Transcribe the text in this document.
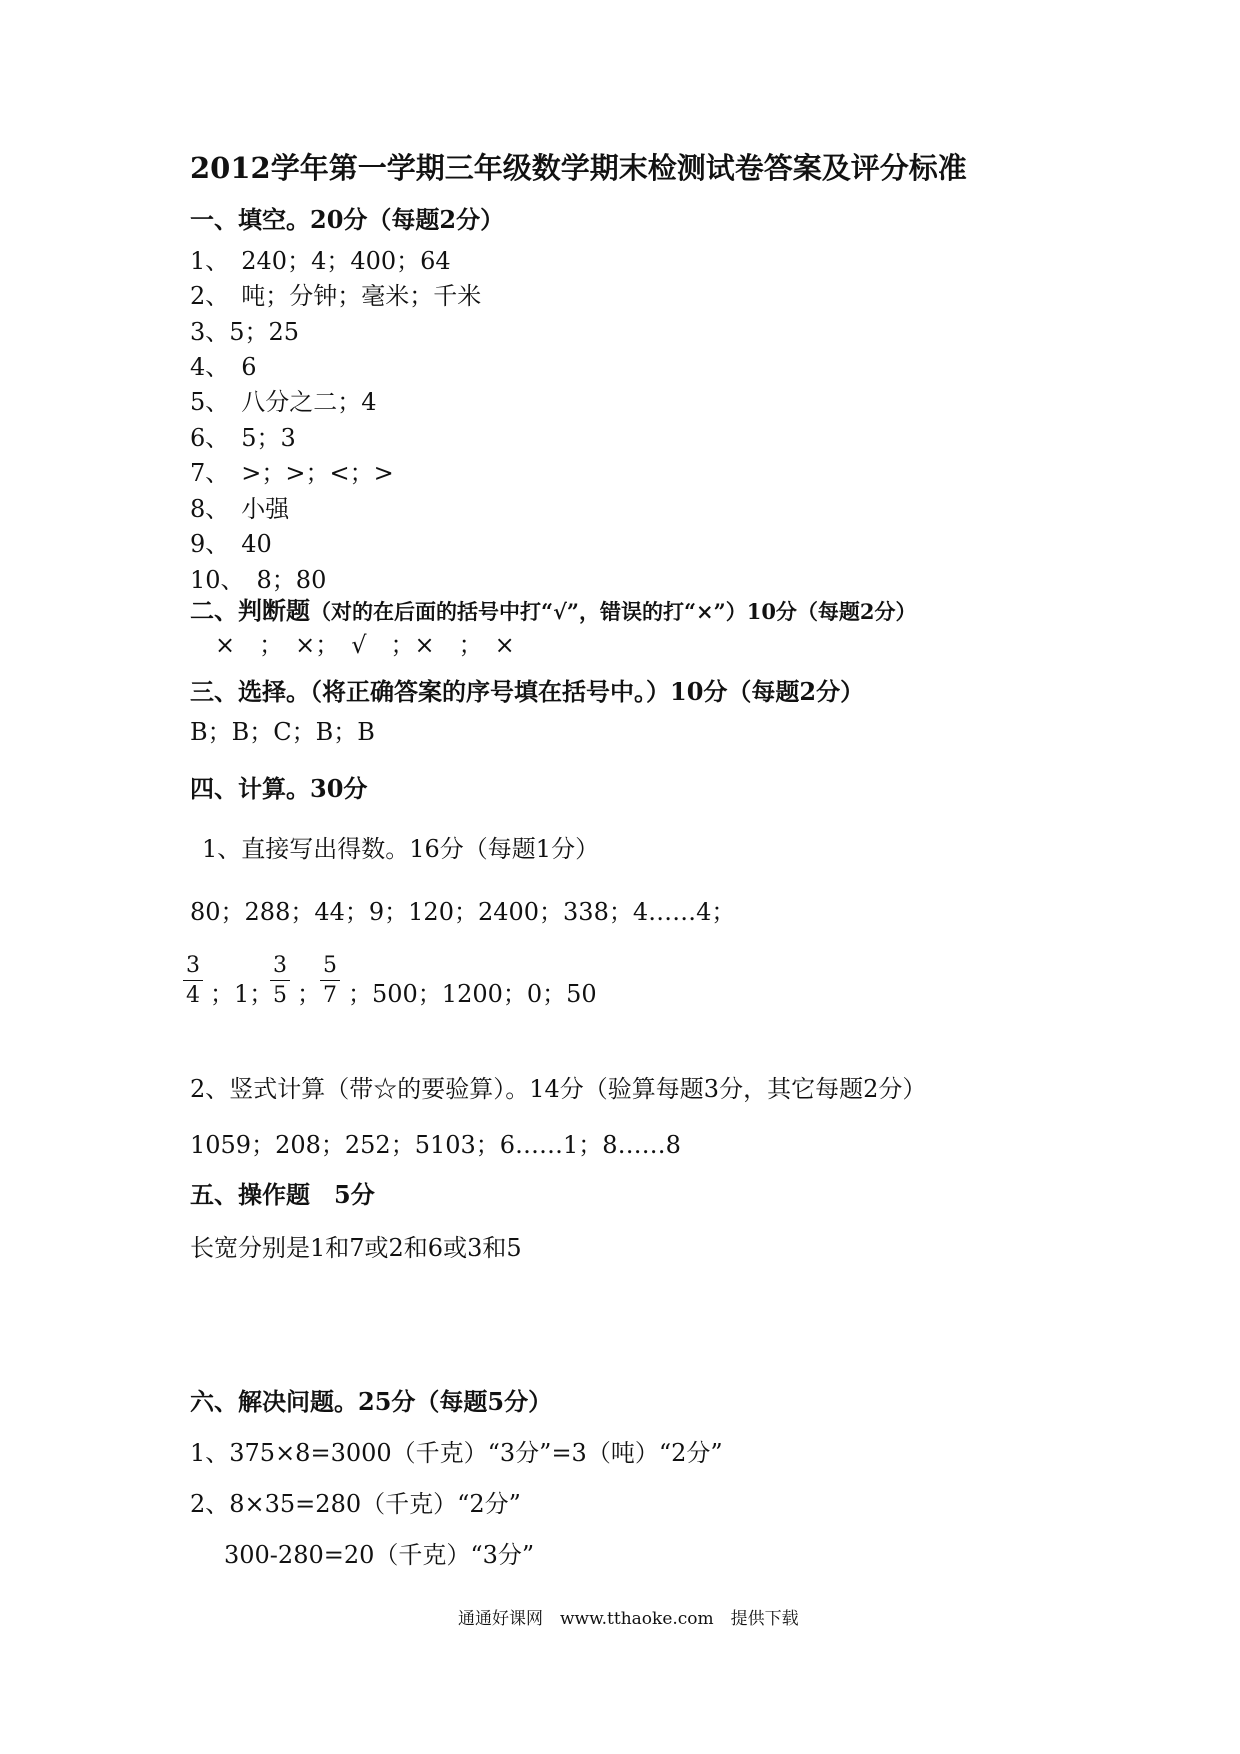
2012学年第一学期三年级数学期末检测试卷答案及评分标准
一、填空。20分（每题2分）
1、　240；4；400；64
2、　吨；分钟；毫米；千米
3、5；25
4、　6
5、　八分之二；4
6、　5；3
7、　>；>；<；>
8、　小强
9、　40
10、　8；80
二、判断题（对的在后面的括号中打“√”，错误的打“×”）10分（每题2分）
×　；　×；　√　；×　；　×
三、选择。（将正确答案的序号填在括号中。）10分（每题2分）
B；B；C；B；B
四、计算。30分
1、直接写出得数。16分（每题1分）
80；288；44；9；120；2400；338；4……4；
3
4 ；1；
3
5 ；
5
7 ；500；1200；0；50
2、竖式计算（带☆的要验算）。14分（验算每题3分，其它每题2分）
1059；208；252；5103；6……1；8……8
五、操作题　5分
长宽分别是1和7或2和6或3和5
六、解决问题。25分（每题5分）
1、375×8=3000（千克）“3分”=3（吨）“2分”
2、8×35=280（千克）“2分”
300-280=20（千克）“3分”
通通好课网　www.tthaoke.com　提供下载
